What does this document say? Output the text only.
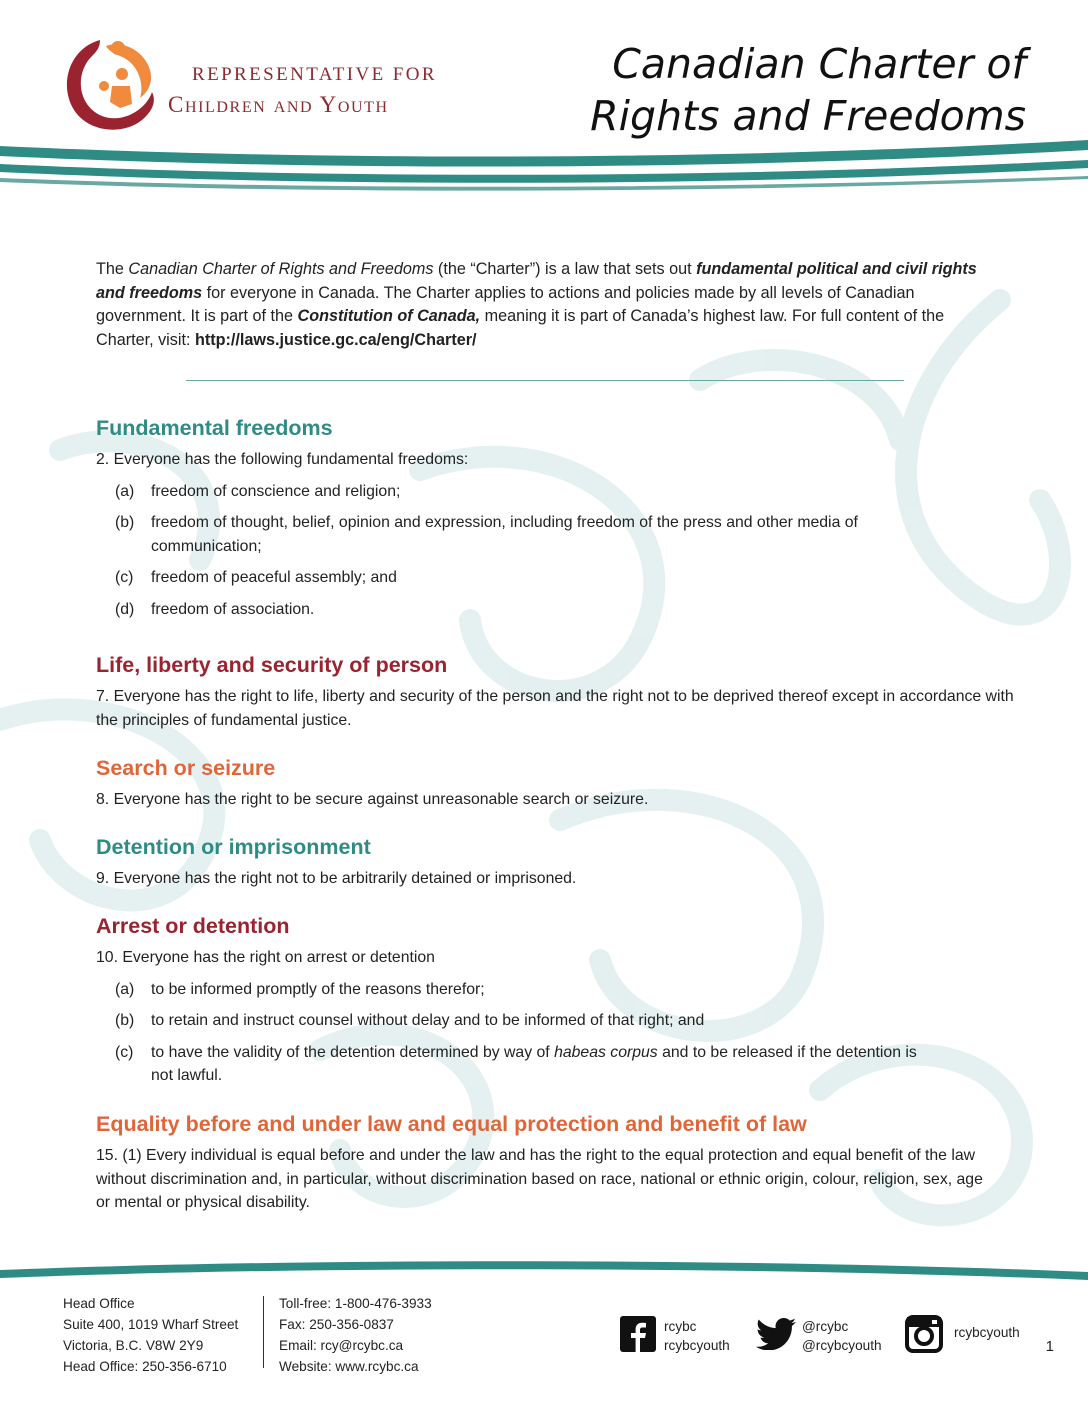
REPRESENTATIVE FOR
Children and Youth
Canadian Charter of
Rights and Freedoms
The Canadian Charter of Rights and Freedoms (the “Charter”) is a law that sets out fundamental political and civil rights and freedoms for everyone in Canada. The Charter applies to actions and policies made by all levels of Canadian government. It is part of the Constitution of Canada, meaning it is part of Canada’s highest law. For full content of the Charter, visit: http://laws.justice.gc.ca/eng/Charter/
Fundamental freedoms
2. Everyone has the following fundamental freedoms:
(a)	freedom of conscience and religion;
(b)	freedom of thought, belief, opinion and expression, including freedom of the press and other media of communication;
(c)	freedom of peaceful assembly; and
(d)	freedom of association.
Life, liberty and security of person
7. Everyone has the right to life, liberty and security of the person and the right not to be deprived thereof except in accordance with the principles of fundamental justice.
Search or seizure
8. Everyone has the right to be secure against unreasonable search or seizure.
Detention or imprisonment
9. Everyone has the right not to be arbitrarily detained or imprisoned.
Arrest or detention
10. Everyone has the right on arrest or detention
(a)	to be informed promptly of the reasons therefor;
(b)	to retain and instruct counsel without delay and to be informed of that right; and
(c)	to have the validity of the detention determined by way of habeas corpus and to be released if the detention is not lawful.
Equality before and under law and equal protection and benefit of law
15. (1) Every individual is equal before and under the law and has the right to the equal protection and equal benefit of the law without discrimination and, in particular, without discrimination based on race, national or ethnic origin, colour, religion, sex, age or mental or physical disability.
Head Office
Suite 400, 1019 Wharf Street
Victoria, B.C. V8W 2Y9
Head Office: 250-356-6710
Toll-free: 1-800-476-3933
Fax: 250-356-0837
Email: rcy@rcybc.ca
Website: www.rcybc.ca
rcybc
rcybcyouth
@rcybc
@rcybcyouth
rcybcyouth
1
